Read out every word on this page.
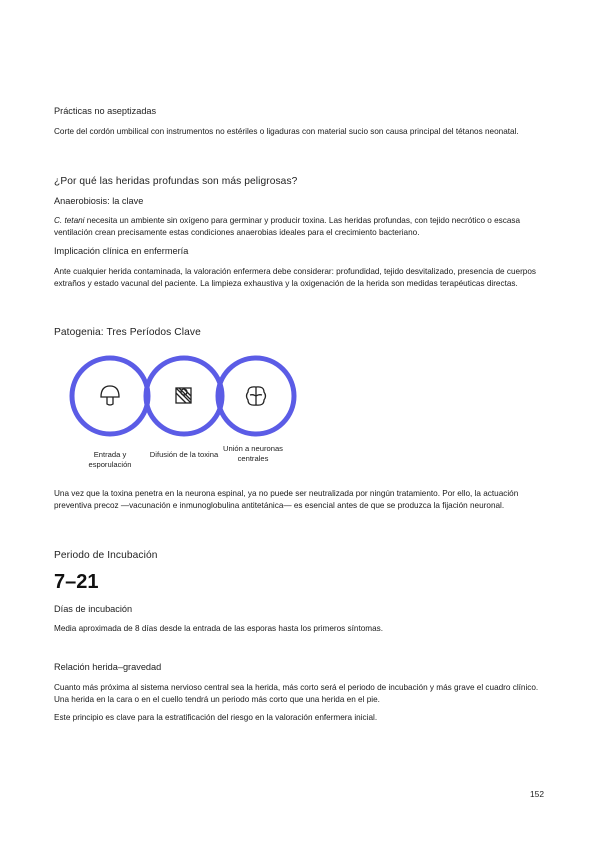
Prácticas no aseptizadas
Corte del cordón umbilical con instrumentos no estériles o ligaduras con material sucio son causa principal del tétanos neonatal.
¿Por qué las heridas profundas son más peligrosas?
Anaerobiosis: la clave
C. tetani necesita un ambiente sin oxígeno para germinar y producir toxina. Las heridas profundas, con tejido necrótico o escasa ventilación crean precisamente estas condiciones anaerobias ideales para el crecimiento bacteriano.
Implicación clínica en enfermería
Ante cualquier herida contaminada, la valoración enfermera debe considerar: profundidad, tejido desvitalizado, presencia de cuerpos extraños y estado vacunal del paciente. La limpieza exhaustiva y la oxigenación de la herida son medidas terapéuticas directas.
Patogenia: Tres Períodos Clave
Entrada y esporulación
Difusión de la toxina
Unión a neuronas centrales
Una vez que la toxina penetra en la neurona espinal, ya no puede ser neutralizada por ningún tratamiento. Por ello, la actuación preventiva precoz —vacunación e inmunoglobulina antitetánica— es esencial antes de que se produzca la fijación neuronal.
Periodo de Incubación
7–21
Días de incubación
Media aproximada de 8 días desde la entrada de las esporas hasta los primeros síntomas.
Relación herida–gravedad
Cuanto más próxima al sistema nervioso central sea la herida, más corto será el periodo de incubación y más grave el cuadro clínico. Una herida en la cara o en el cuello tendrá un periodo más corto que una herida en el pie.
Este principio es clave para la estratificación del riesgo en la valoración enfermera inicial.
152
